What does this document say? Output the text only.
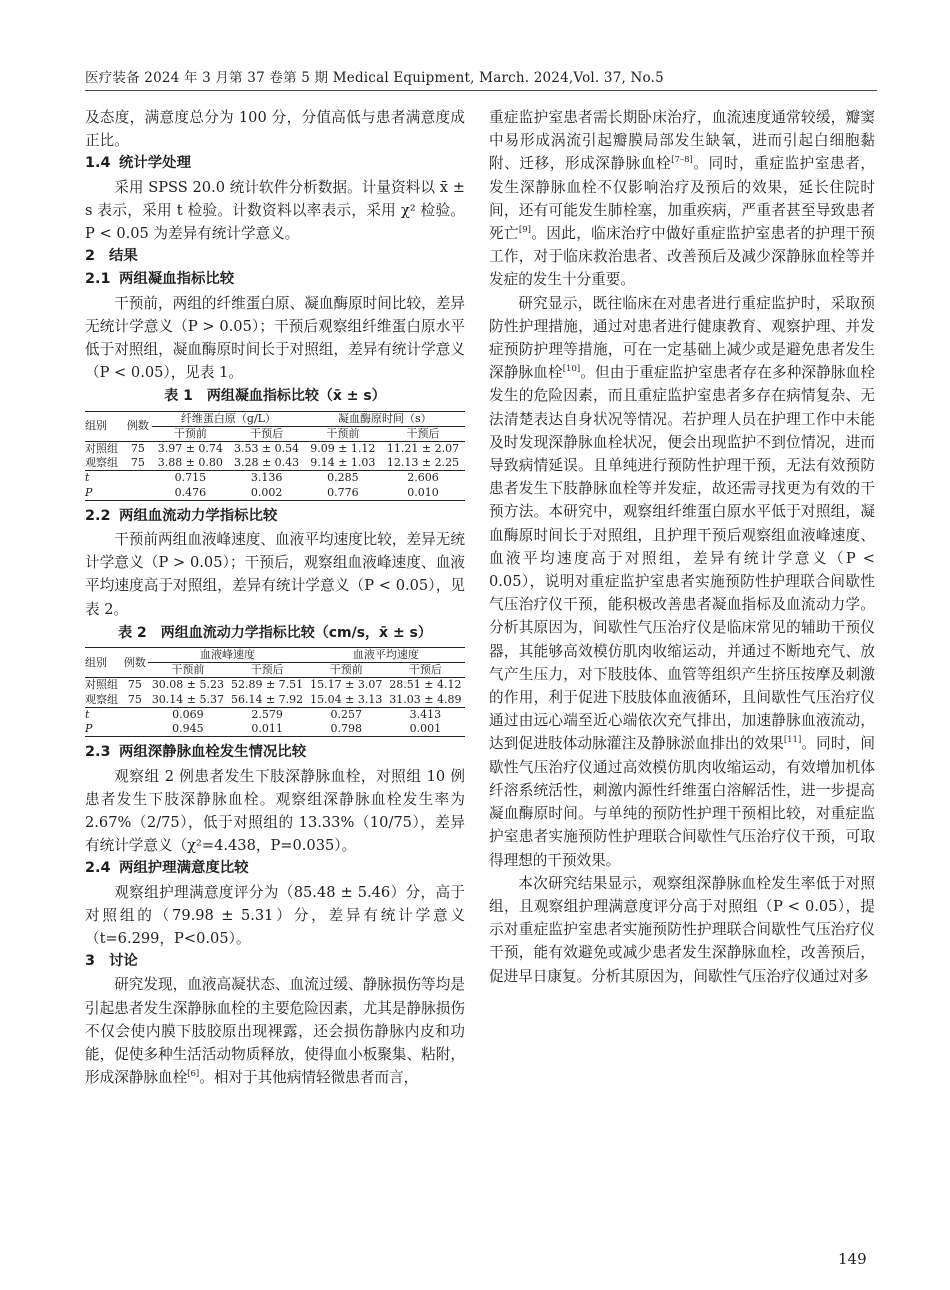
医疗装备 2024 年 3 月第 37 卷第 5 期 Medical Equipment, March. 2024,Vol. 37, No.5

及态度，满意度总分为 100 分，分值高低与患者满意度成正比。

1.4 统计学处理

采用 SPSS 20.0 统计软件分析数据。计量资料以 x̄ ± s 表示，采用 t 检验。计数资料以率表示，采用 χ² 检验。P < 0.05 为差异有统计学意义。

2 结果
2.1 两组凝血指标比较

干预前，两组的纤维蛋白原、凝血酶原时间比较，差异无统计学意义（P > 0.05）；干预后观察组纤维蛋白原水平低于对照组，凝血酶原时间长于对照组，差异有统计学意义（P < 0.05），见表 1。

表 1　两组凝血指标比较（x̄ ± s）
组别	例数	纤维蛋白原（g/L）		凝血酶原时间（s）	
		干预前	干预后	干预前	干预后
对照组	75	3.97 ± 0.74	3.53 ± 0.54	9.09 ± 1.12	11.21 ± 2.07
观察组	75	3.88 ± 0.80	3.28 ± 0.43	9.14 ± 1.03	12.13 ± 2.25
t		0.715	3.136	0.285	2.606
P		0.476	0.002	0.776	0.010
2.2 两组血流动力学指标比较

干预前两组血液峰速度、血液平均速度比较，差异无统计学意义（P > 0.05）；干预后，观察组血液峰速度、血液平均速度高于对照组，差异有统计学意义（P < 0.05），见表 2。

表 2　两组血流动力学指标比较（cm/s，x̄ ± s）
组别	例数	血液峰速度		血液平均速度	
		干预前	干预后	干预前	干预后
对照组	75	30.08 ± 5.23	52.89 ± 7.51	15.17 ± 3.07	28.51 ± 4.12
观察组	75	30.14 ± 5.37	56.14 ± 7.92	15.04 ± 3.13	31.03 ± 4.89
t		0.069	2.579	0.257	3.413
P		0.945	0.011	0.798	0.001
2.3 两组深静脉血栓发生情况比较

观察组 2 例患者发生下肢深静脉血栓，对照组 10 例患者发生下肢深静脉血栓。观察组深静脉血栓发生率为 2.67%（2/75），低于对照组的 13.33%（10/75），差异有统计学意义（χ²=4.438，P=0.035）。

2.4 两组护理满意度比较

观察组护理满意度评分为（85.48 ± 5.46）分，高于对照组的（79.98 ± 5.31）分，差异有统计学意义（t=6.299，P<0.05）。

3 讨论

研究发现，血液高凝状态、血流过缓、静脉损伤等均是引起患者发生深静脉血栓的主要危险因素，尤其是静脉损伤不仅会使内膜下肢胶原出现裸露，还会损伤静脉内皮和功能，促使多种生活活动物质释放，使得血小板聚集、粘附，形成深静脉血栓[6]。相对于其他病情轻微患者而言，

重症监护室患者需长期卧床治疗，血流速度通常较缓，瓣窦中易形成涡流引起瓣膜局部发生缺氧，进而引起白细胞黏附、迁移，形成深静脉血栓[7–8]。同时，重症监护室患者，发生深静脉血栓不仅影响治疗及预后的效果，延长住院时间，还有可能发生肺栓塞，加重疾病，严重者甚至导致患者死亡[9]。因此，临床治疗中做好重症监护室患者的护理干预工作，对于临床救治患者、改善预后及减少深静脉血栓等并发症的发生十分重要。

研究显示，既往临床在对患者进行重症监护时，采取预防性护理措施，通过对患者进行健康教育、观察护理、并发症预防护理等措施，可在一定基础上减少或是避免患者发生深静脉血栓[10]。但由于重症监护室患者存在多种深静脉血栓发生的危险因素，而且重症监护室患者多存在病情复杂、无法清楚表达自身状况等情况。若护理人员在护理工作中未能及时发现深静脉血栓状况，便会出现监护不到位情况，进而导致病情延误。且单纯进行预防性护理干预，无法有效预防患者发生下肢静脉血栓等并发症，故还需寻找更为有效的干预方法。本研究中，观察组纤维蛋白原水平低于对照组，凝血酶原时间长于对照组，且护理干预后观察组血液峰速度、血液平均速度高于对照组，差异有统计学意义（P < 0.05），说明对重症监护室患者实施预防性护理联合间歇性气压治疗仪干预，能积极改善患者凝血指标及血流动力学。分析其原因为，间歇性气压治疗仪是临床常见的辅助干预仪器，其能够高效模仿肌肉收缩运动，并通过不断地充气、放气产生压力，对下肢肢体、血管等组织产生挤压按摩及刺激的作用，利于促进下肢肢体血液循环，且间歇性气压治疗仪通过由远心端至近心端依次充气排出，加速静脉血液流动，达到促进肢体动脉灌注及静脉淤血排出的效果[11]。同时，间歇性气压治疗仪通过高效模仿肌肉收缩运动，有效增加机体纤溶系统活性，刺激内源性纤维蛋白溶解活性，进一步提高凝血酶原时间。与单纯的预防性护理干预相比较，对重症监护室患者实施预防性护理联合间歇性气压治疗仪干预，可取得理想的干预效果。

本次研究结果显示，观察组深静脉血栓发生率低于对照组，且观察组护理满意度评分高于对照组（P < 0.05），提示对重症监护室患者实施预防性护理联合间歇性气压治疗仪干预，能有效避免或减少患者发生深静脉血栓，改善预后，促进早日康复。分析其原因为，间歇性气压治疗仪通过对多

149
